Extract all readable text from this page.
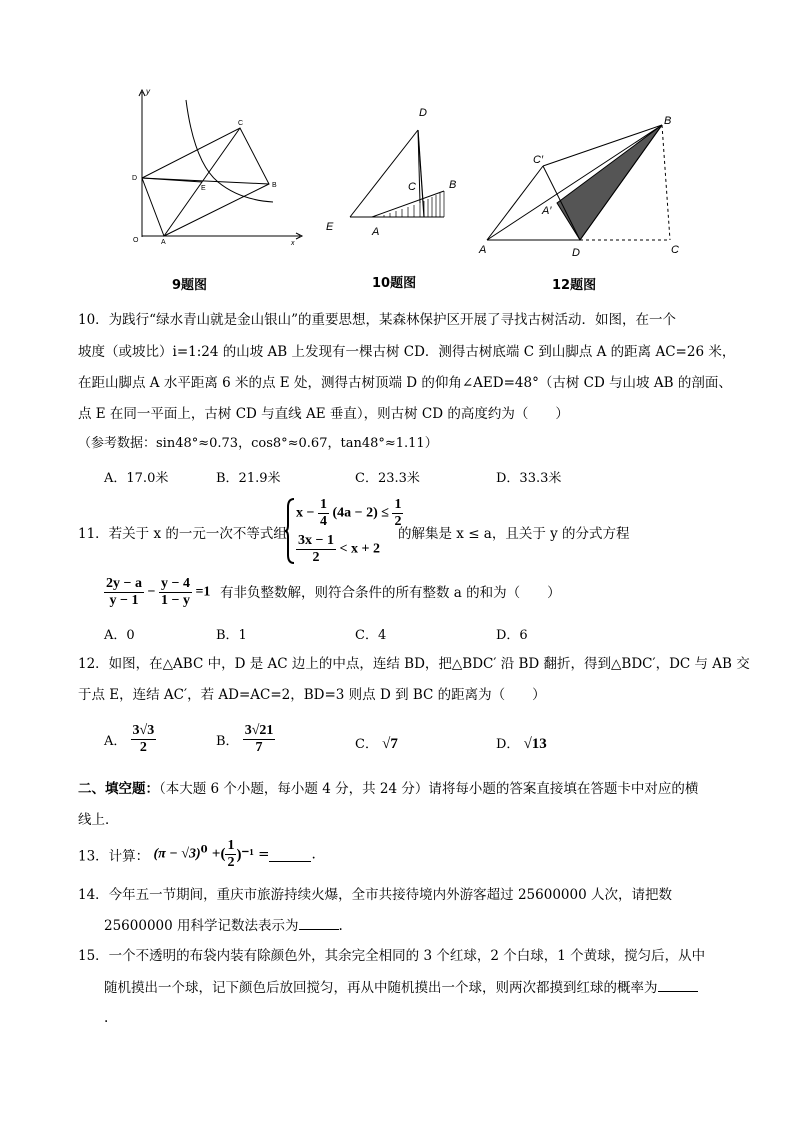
y
C
D
E	B
O	A	x
9题图
D
C	B
E	A
10题图
B
C′
A′
A	D	C
12题图
10．为践行“绿水青山就是金山银山”的重要思想，某森林保护区开展了寻找古树活动．如图，在一个
坡度（或坡比）i=1:24 的山坡 AB 上发现有一棵古树 CD．测得古树底端 C 到山脚点 A 的距离 AC=26 米，
在距山脚点 A 水平距离 6 米的点 E 处，测得古树顶端 D 的仰角∠AED=48°（古树 CD 与山坡 AB 的剖面、
点 E 在同一平面上，古树 CD 与直线 AE 垂直），则古树 CD 的高度约为（　　）
（参考数据：sin48°≈0.73，cos8°≈0.67，tan48°≈1.11）
A．17.0米	B．21.9米	C．23.3米	D．33.3米
11．若关于 x 的一元一次不等式组
$x - \frac{1}{4} (4a - 2) \le \frac{1}{2}$
$\frac{3x - 1}{2} < x + 2$
的解集是 x ≤ a，且关于 y 的分式方程
$\frac{2y - a}{y - 1} - \frac{y - 4}{1 - y} =1$ 有非负整数解，则符合条件的所有整数 a 的和为（　　）
A．0	B．1	C．4	D．6
12．如图，在△ABC 中，D 是 AC 边上的中点，连结 BD，把△BDC′ 沿 BD 翻折，得到△BDC′，DC 与 AB 交
于点 E，连结 AC′，若 AD=AC=2，BD=3 则点 D 到 BC 的距离为（　　）
A． $\frac{3√3}{2}$	B． $\frac{3√21}{7}$	C． √7	D． √13
二、填空题：（本大题 6 个小题，每小题 4 分，共 24 分）请将每小题的答案直接填在答题卡中对应的横
线上．
13．计算： $(\pi - √3)^0$ +( $\frac{1}{2} )^{-1}$ =	.
14．今年五一节期间，重庆市旅游持续火爆，全市共接待境内外游客超过 25600000 人次，请把数
25600000 用科学记数法表示为	.
15．一个不透明的布袋内装有除颜色外，其余完全相同的 3 个红球，2 个白球，1 个黄球，搅匀后，从中
随机摸出一个球，记下颜色后放回搅匀，再从中随机摸出一个球，则两次都摸到红球的概率为
.
